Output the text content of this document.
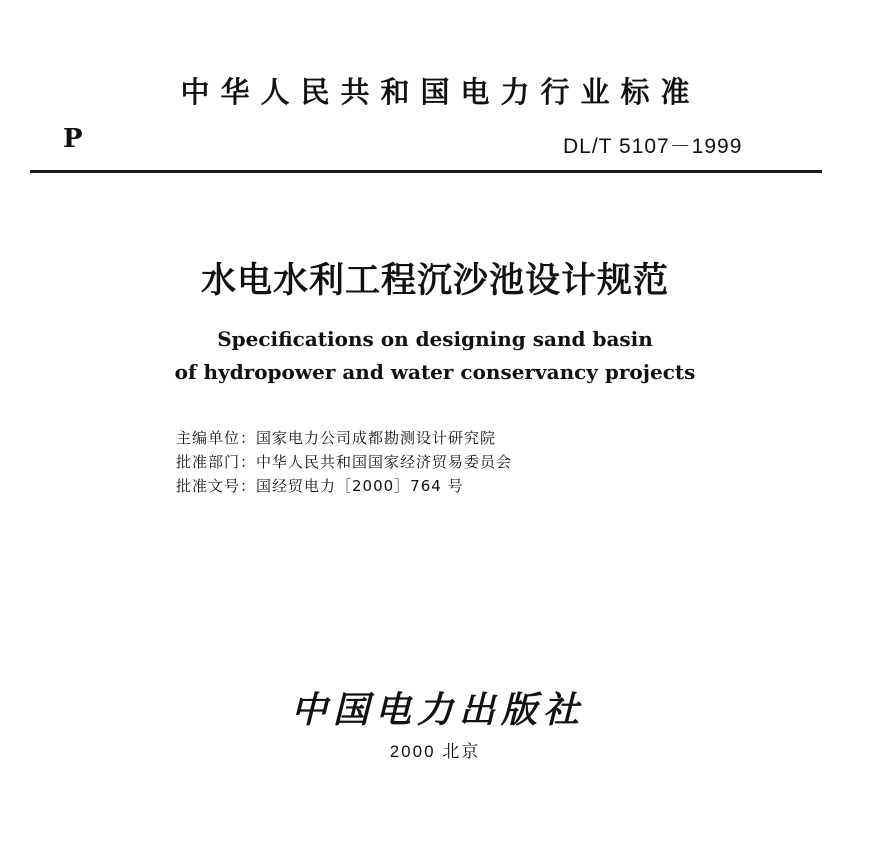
中华人民共和国电力行业标准
P	DL/T 5107－1999
水电水利工程沉沙池设计规范
Specifications on designing sand basin
of hydropower and water conservancy projects
主编单位：国家电力公司成都勘测设计研究院
批准部门：中华人民共和国国家经济贸易委员会
批准文号：国经贸电力［2000］764 号
中国电力出版社
2000 北京
